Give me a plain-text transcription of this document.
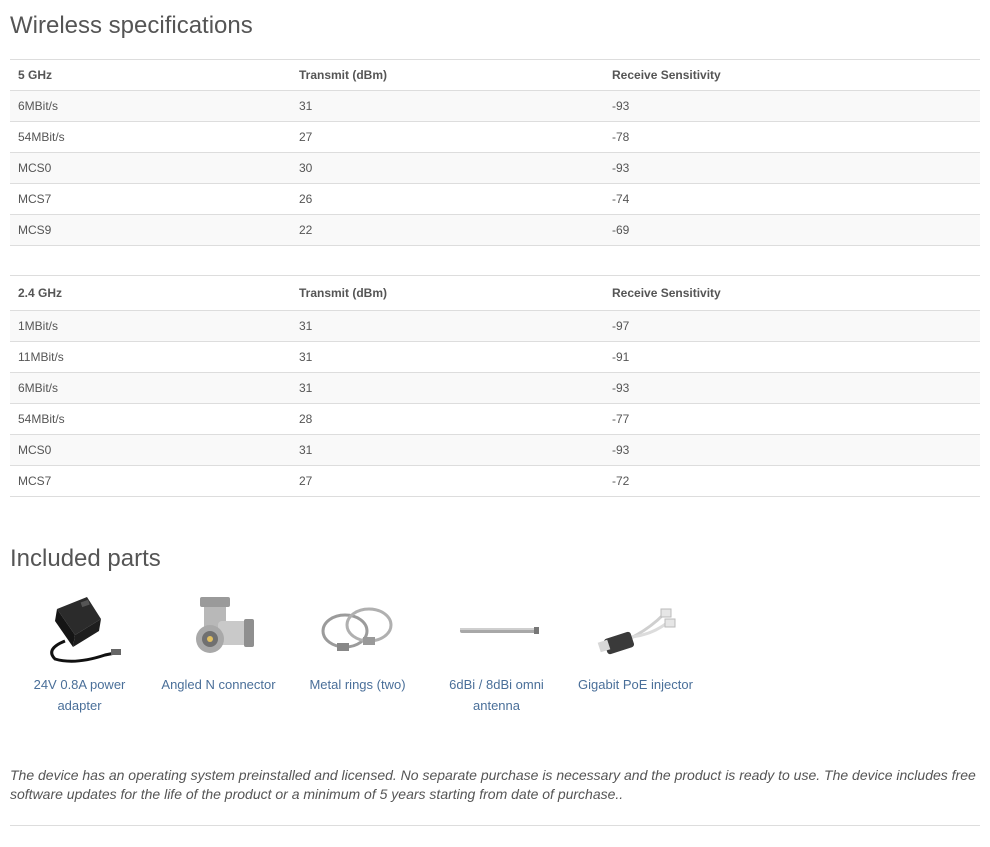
Wireless specifications
5 GHz	Transmit (dBm)	Receive Sensitivity
6MBit/s	31	-93
54MBit/s	27	-78
MCS0	30	-93
MCS7	26	-74
MCS9	22	-69
2.4 GHz	Transmit (dBm)	Receive Sensitivity
1MBit/s	31	-97
11MBit/s	31	-91
6MBit/s	31	-93
54MBit/s	28	-77
MCS0	31	-93
MCS7	27	-72
Included parts
24V 0.8A power adapter
Angled N connector	Metal rings (two)	6dBi / 8dBi omni antenna
Gigabit PoE injector

The device has an operating system preinstalled and licensed. No separate purchase is necessary and the product is ready to use. The device includes free software updates for the life of the product or a minimum of 5 years starting from date of purchase..
